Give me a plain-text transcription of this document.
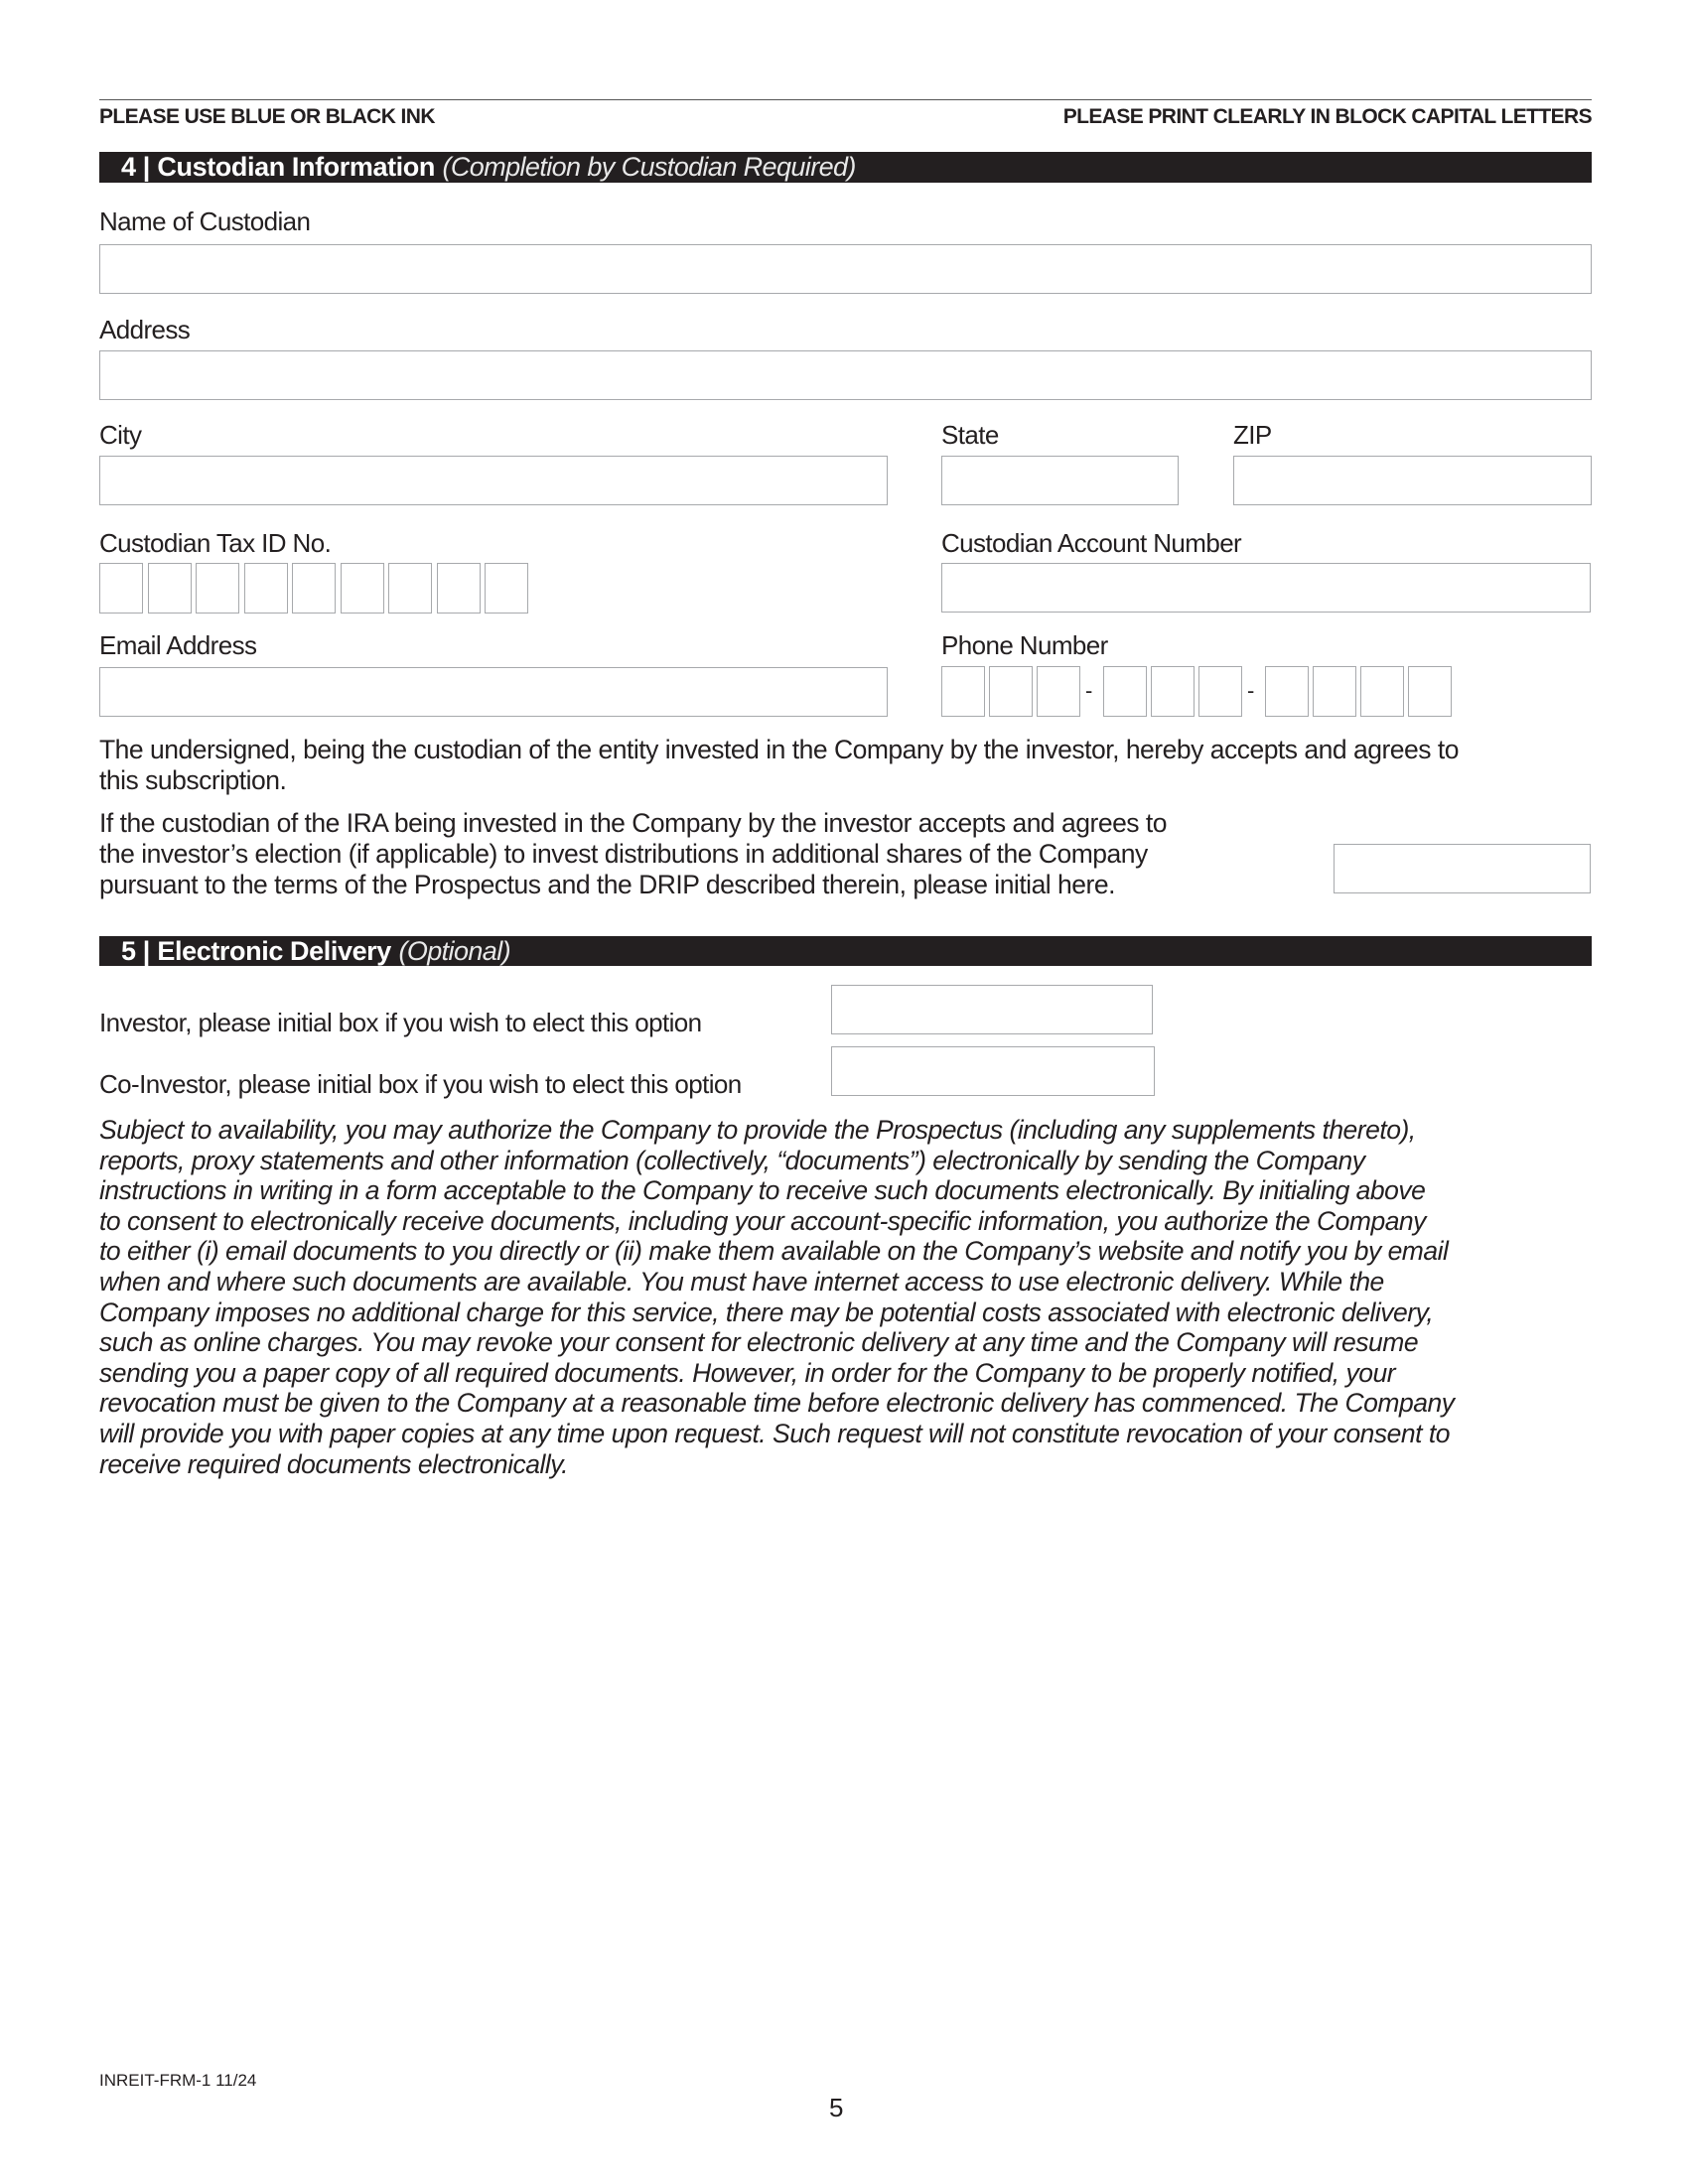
PLEASE USE BLUE OR BLACK INK	PLEASE PRINT CLEARLY IN BLOCK CAPITAL LETTERS
4 | Custodian Information (Completion by Custodian Required)
Name of Custodian
Address
City	State	ZIP
Custodian Tax ID No.	Custodian Account Number
Email Address	Phone Number
-	-
The undersigned, being the custodian of the entity invested in the Company by the investor, hereby accepts and agrees to
this subscription.
If the custodian of the IRA being invested in the Company by the investor accepts and agrees to
the investor’s election (if applicable) to invest distributions in additional shares of the Company
pursuant to the terms of the Prospectus and the DRIP described therein, please initial here.
5 | Electronic Delivery (Optional)
Investor, please initial box if you wish to elect this option
Co-Investor, please initial box if you wish to elect this option
Subject to availability, you may authorize the Company to provide the Prospectus (including any supplements thereto),
reports, proxy statements and other information (collectively, “documents”) electronically by sending the Company
instructions in writing in a form acceptable to the Company to receive such documents electronically. By initialing above
to consent to electronically receive documents, including your account-specific information, you authorize the Company
to either (i) email documents to you directly or (ii) make them available on the Company’s website and notify you by email
when and where such documents are available. You must have internet access to use electronic delivery. While the
Company imposes no additional charge for this service, there may be potential costs associated with electronic delivery,
such as online charges. You may revoke your consent for electronic delivery at any time and the Company will resume
sending you a paper copy of all required documents. However, in order for the Company to be properly notified, your
revocation must be given to the Company at a reasonable time before electronic delivery has commenced. The Company
will provide you with paper copies at any time upon request. Such request will not constitute revocation of your consent to
receive required documents electronically.
INREIT-FRM-1 11/24
5
